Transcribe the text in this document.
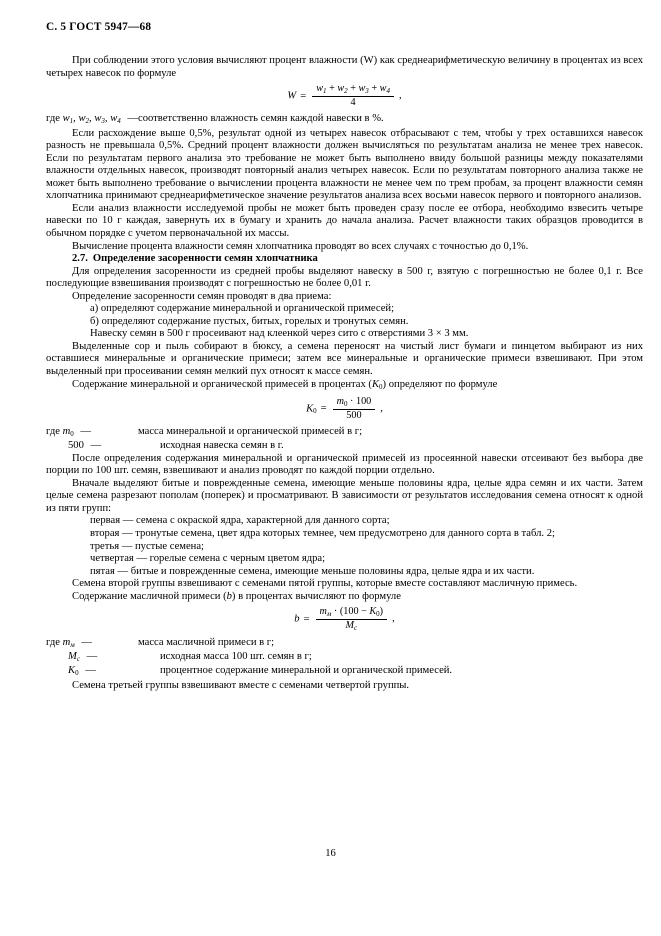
С. 5 ГОСТ 5947—68

При соблюдении этого условия вычисляют процент влажности (W) как среднеарифметическую величину в процентах из всех четырех навесок по формуле

$W = \frac{w_1 + w_2 + w_3 + w_4}{4}$ ,
где $w_1$, $w_2$, $w_3$, $w_4$ —соответственно влажность семян каждой навески в %.

Если расхождение выше 0,5%, результат одной из четырех навесок отбрасывают с тем, чтобы у трех оставшихся навесок разность не превышала 0,5%. Средний процент влажности должен вычисляться по результатам анализа не менее трех навесок. Если по результатам первого анализа это требование не может быть выполнено ввиду большой разницы между показателями влажности отдельных навесок, производят повторный анализ четырех навесок. Если по результатам повторного анализа также не может быть выполнено требование о вычислении процента влажности не менее чем по трем пробам, за процент влажности семян хлопчатника принимают среднеарифметическое значение результатов анализа всех восьми навесок первого и повторного анализов.

Если анализ влажности исследуемой пробы не может быть проведен сразу после ее отбора, необходимо взвесить четыре навески по 10 г каждая, завернуть их в бумагу и хранить до начала анализа. Расчет влажности таких образцов проводится в обычном порядке с учетом первоначальной их массы.

Вычисление процента влажности семян хлопчатника проводят во всех случаях с точностью до 0,1%.

2.7. Определение засоренности семян хлопчатника

Для определения засоренности из средней пробы выделяют навеску в 500 г, взятую с погрешностью не более 0,1 г. Все последующие взвешивания производят с погрешностью не более 0,01 г.

Определение засоренности семян проводят в два приема:

а) определяют содержание минеральной и органической примесей;

б) определяют содержание пустых, битых, горелых и тронутых семян.

Навеску семян в 500 г просеивают над клеенкой через сито с отверстиями 3 × 3 мм.

Выделенные сор и пыль собирают в бюксу, а семена переносят на чистый лист бумаги и пинцетом выбирают из них оставшиеся минеральные и органические примеси; затем все минеральные и органические примеси взвешивают. При этом выделенный при просеивании семян мелкий пух относят к массе семян.

Содержание минеральной и органической примесей в процентах $(K_0)$ определяют по формуле

$K_0 = \frac{m_0 \cdot 100}{500}$ ,
где $m_0$ —	масса минеральной и органической примесей в г;
500 —	исходная навеска семян в г.

После определения содержания минеральной и органической примесей из просеянной навески отсеивают без выбора две порции по 100 шт. семян, взвешивают и анализ проводят по каждой порции отдельно.

Вначале выделяют битые и поврежденные семена, имеющие меньше половины ядра, целые ядра семян и их части. Затем целые семена разрезают пополам (поперек) и просматривают. В зависимости от результатов исследования семена относят к одной из пяти групп:

первая — семена с окраской ядра, характерной для данного сорта;

вторая — тронутые семена, цвет ядра которых темнее, чем предусмотрено для данного сорта в табл. 2;

третья — пустые семена;

четвертая — горелые семена с черным цветом ядра;

пятая — битые и поврежденные семена, имеющие меньше половины ядра, целые ядра и их части.

Семена второй группы взвешивают с семенами пятой группы, которые вместе составляют масличную примесь.

Содержание масличной примеси (b) в процентах вычисляют по формуле

$b = \frac{m_м \cdot (100 - K_0)}{M_с}$ ,
где $m_м$ —	масса масличной примеси в г;
$M_с$ —	исходная масса 100 шт. семян в г;
$K_0$ —	процентное содержание минеральной и органической примесей.

Семена третьей группы взвешивают вместе с семенами четвертой группы.

16
